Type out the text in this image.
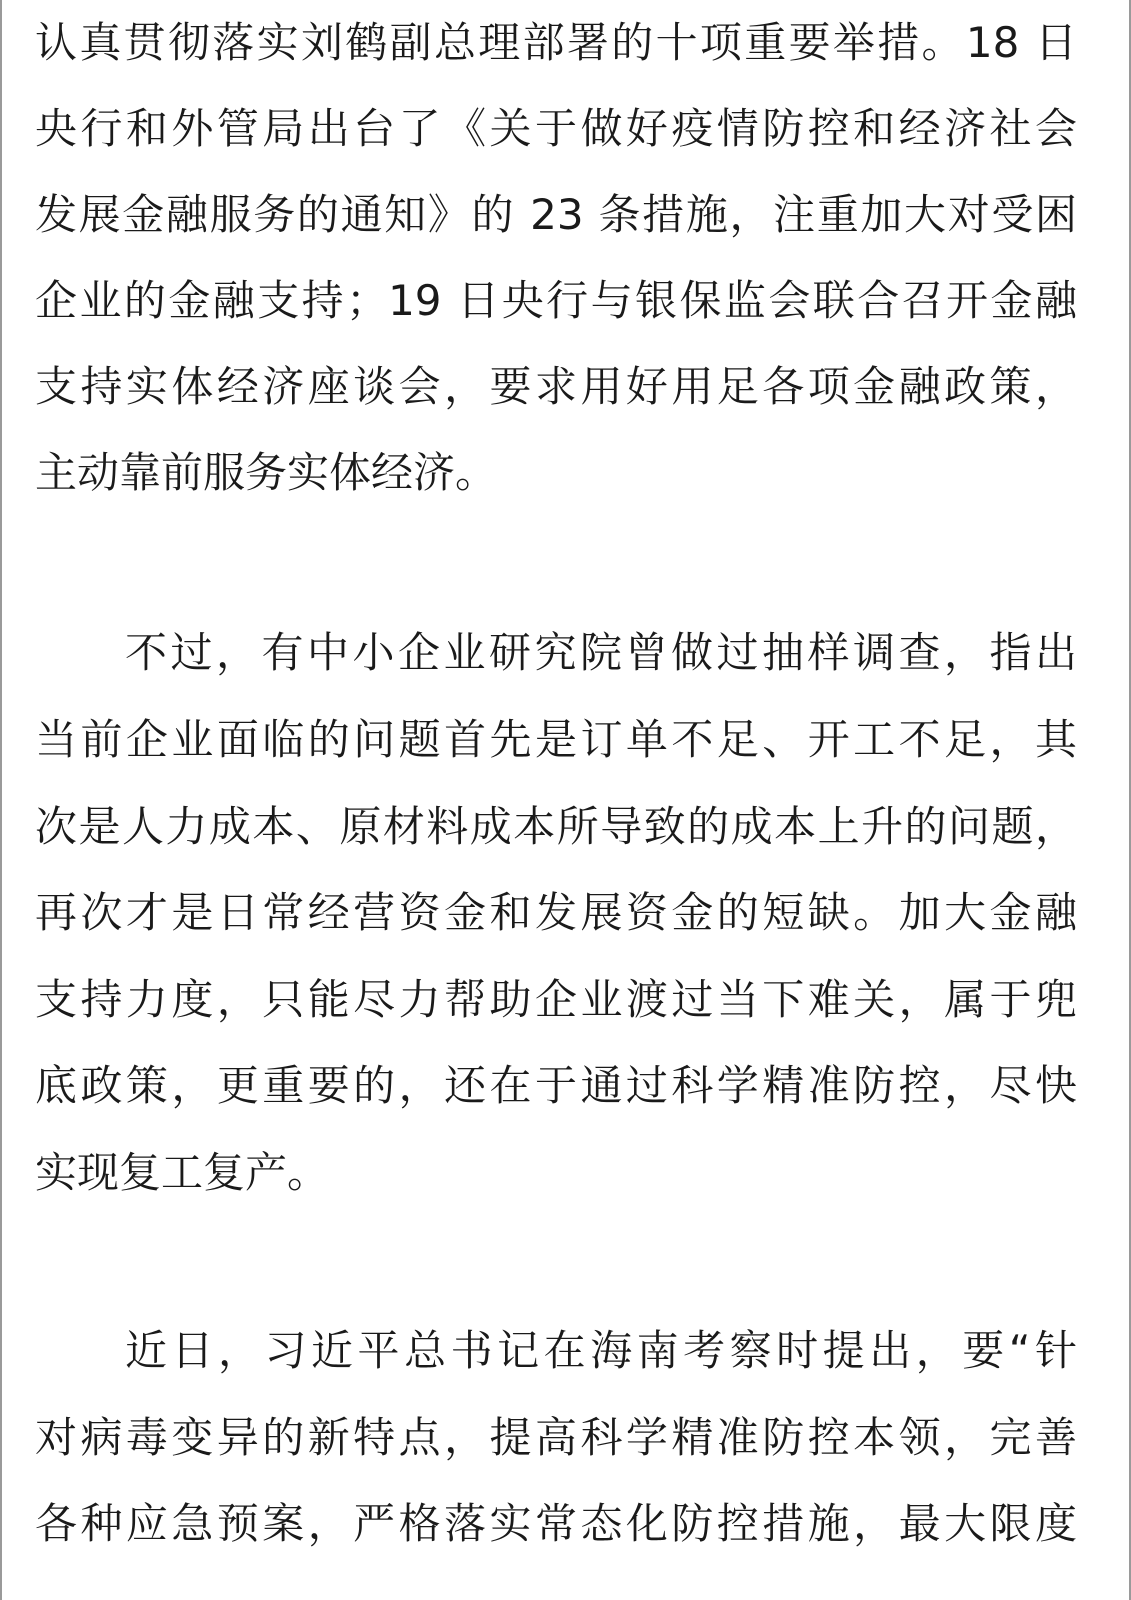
认真贯彻落实刘鹤副总理部署的十项重要举措。18 日
央行和外管局出台了《关于做好疫情防控和经济社会
发展金融服务的通知》的 23 条措施，注重加大对受困
企业的金融支持；19 日央行与银保监会联合召开金融
支持实体经济座谈会，要求用好用足各项金融政策，
主动靠前服务实体经济。
不过，有中小企业研究院曾做过抽样调查，指出
当前企业面临的问题首先是订单不足、开工不足，其
次是人力成本、原材料成本所导致的成本上升的问题，
再次才是日常经营资金和发展资金的短缺。加大金融
支持力度，只能尽力帮助企业渡过当下难关，属于兜
底政策，更重要的，还在于通过科学精准防控，尽快
实现复工复产。
近日，习近平总书记在海南考察时提出，要“针
对病毒变异的新特点，提高科学精准防控本领，完善
各种应急预案，严格落实常态化防控措施，最大限度
